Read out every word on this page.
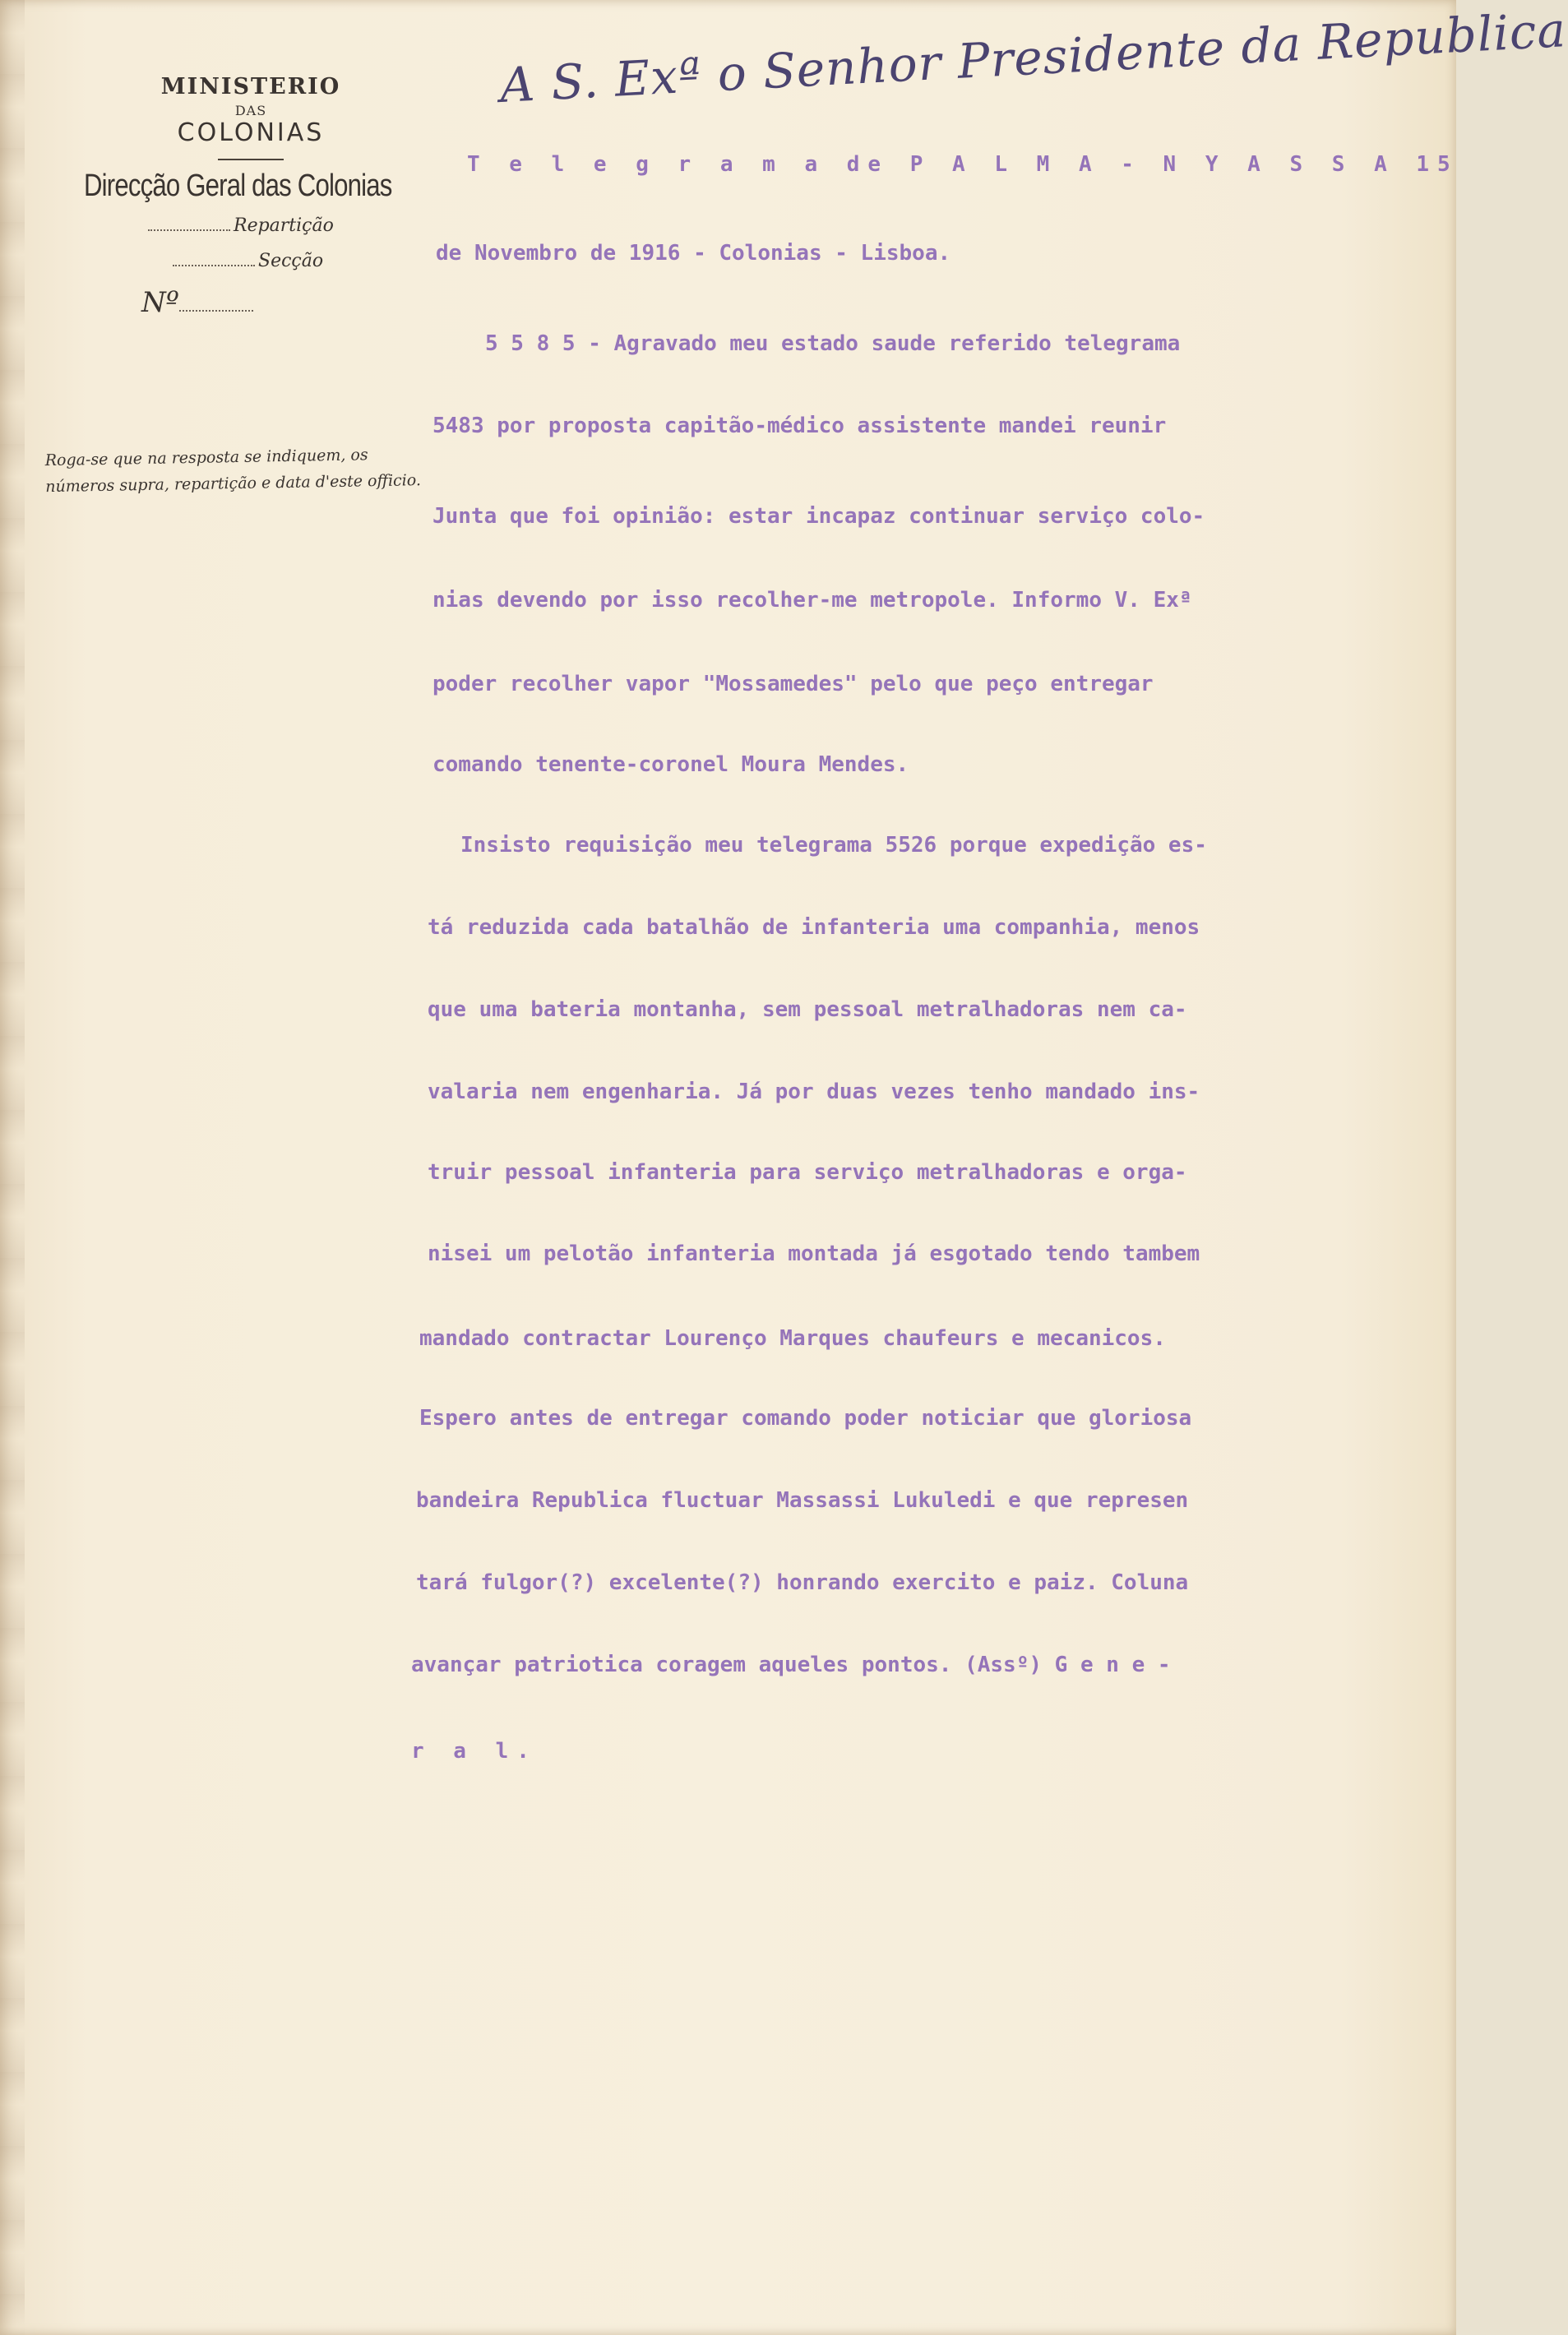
MINISTERIO
DAS
COLONIAS
Direcção Geral das Colonias
Repartição
Secção
Nº
Roga-se que na resposta se indiquem, os números supra, repartição e data d'este officio.
A S. Exª o Senhor Presidente da Republica
T e l e g r a m a de P A L M A - N Y A S S A 15
de Novembro de 1916 - Colonias - Lisboa.
5 5 8 5 - Agravado meu estado saude referido telegrama
5483 por proposta capitão-médico assistente mandei reunir
Junta que foi opinião: estar incapaz continuar serviço colo-
nias devendo por isso recolher-me metropole. Informo V. Exª
poder recolher vapor "Mossamedes" pelo que peço entregar
comando tenente-coronel Moura Mendes.
Insisto requisição meu telegrama 5526 porque expedição es-
tá reduzida cada batalhão de infanteria uma companhia, menos
que uma bateria montanha, sem pessoal metralhadoras nem ca-
valaria nem engenharia. Já por duas vezes tenho mandado ins-
truir pessoal infanteria para serviço metralhadoras e orga-
nisei um pelotão infanteria montada já esgotado tendo tambem
mandado contractar Lourenço Marques chaufeurs e mecanicos.
Espero antes de entregar comando poder noticiar que gloriosa
bandeira Republica fluctuar Massassi Lukuledi e que represen
tará fulgor(?) excelente(?) honrando exercito e paiz. Coluna
avançar patriotica coragem aqueles pontos. (Assº) G e n e -
r a l.
